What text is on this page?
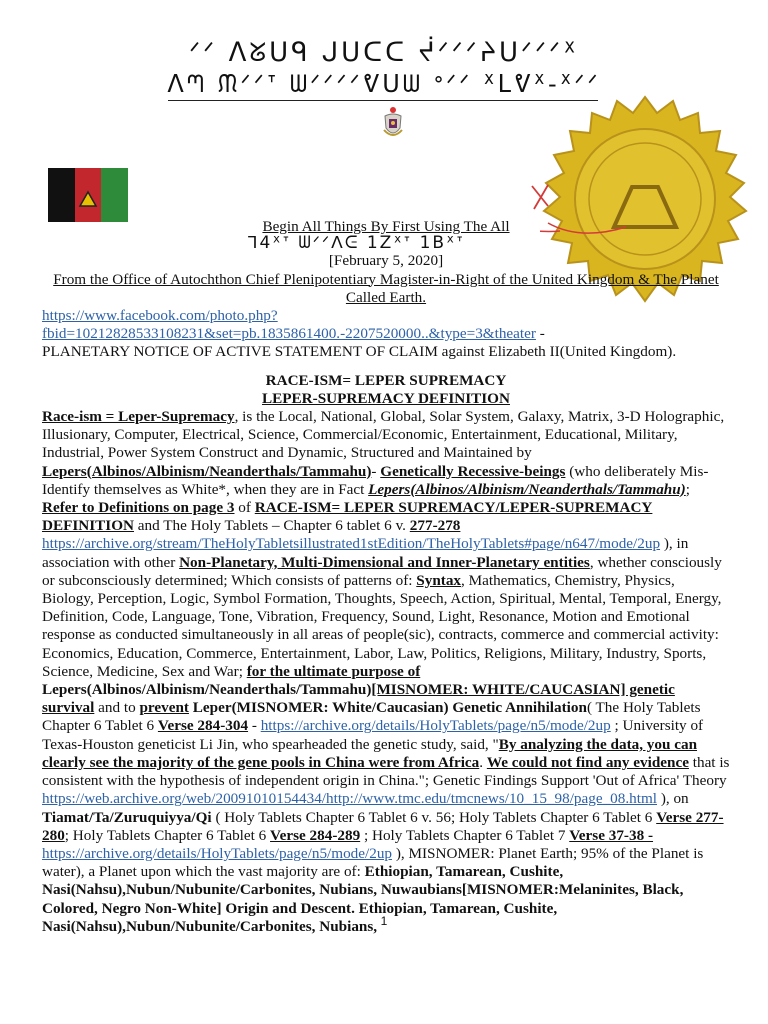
ᐟᐟ ᐱᘜᑌᑫ ᒍᑌᑕᑕ ᔫᐟᐟᐟᔨᑌᐟᐟᐟᕽ
ᐱᘉ ᙏᐟᐟᐪ ᗯᐟᐟᐟᐟᕓᑌᗯ ᐤᐟᐟ ᕽᒪᕓᕽ-ᕽᐟᐟ

Begin All Things By First Using The All

ᒣ4ᕽᐪ ᗯᐟᐟᐱᕮ 1Zᕽᐪ 1Bᕽᐪ

[February 5, 2020]

From the Office of Autochthon Chief Plenipotentiary Magister-in-Right of the United Kingdom & The Planet Called Earth.

https://www.facebook.com/photo.php?fbid=10212828533108231&set=pb.1835861400.-2207520000..&type=3&theater -

PLANETARY NOTICE OF ACTIVE STATEMENT OF CLAIM against Elizabeth II(United Kingdom).

RACE-ISM= LEPER SUPREMACY

LEPER-SUPREMACY DEFINITION

Race-ism = Leper-Supremacy, is the Local, National, Global, Solar System, Galaxy, Matrix, 3-D Holographic, Illusionary, Computer, Electrical, Science, Commercial/Economic, Entertainment, Educational, Military, Industrial, Power System Construct and Dynamic, Structured and Maintained by Lepers(Albinos/Albinism/Neanderthals/Tammahu)- Genetically Recessive-beings (who deliberately Mis-Identify themselves as White*, when they are in Fact Lepers(Albinos/Albinism/Neanderthals/Tammahu); Refer to Definitions on page 3 of RACE-ISM= LEPER SUPREMACY/LEPER-SUPREMACY DEFINITION and The Holy Tablets – Chapter 6 tablet 6 v. 277-278 https://archive.org/stream/TheHolyTabletsillustrated1stEdition/TheHolyTablets#page/n647/mode/2up ), in association with other Non-Planetary, Multi-Dimensional and Inner-Planetary entities, whether consciously or subconsciously determined; Which consists of patterns of: Syntax, Mathematics, Chemistry, Physics, Biology, Perception, Logic, Symbol Formation, Thoughts, Speech, Action, Spiritual, Mental, Temporal, Energy, Definition, Code, Language, Tone, Vibration, Frequency, Sound, Light, Resonance, Motion and Emotional response as conducted simultaneously in all areas of people(sic), contracts, commerce and commercial activity: Economics, Education, Commerce, Entertainment, Labor, Law, Politics, Religions, Military, Industry, Sports, Science, Medicine, Sex and War; for the ultimate purpose of Lepers(Albinos/Albinism/Neanderthals/Tammahu)[MISNOMER: WHITE/CAUCASIAN] genetic survival and to prevent Leper(MISNOMER: White/Caucasian) Genetic Annihilation( The Holy Tablets Chapter 6 Tablet 6 Verse 284-304 - https://archive.org/details/HolyTablets/page/n5/mode/2up ; University of Texas-Houston geneticist Li Jin, who spearheaded the genetic study, said, "By analyzing the data, you can clearly see the majority of the gene pools in China were from Africa. We could not find any evidence that is consistent with the hypothesis of independent origin in China."; Genetic Findings Support 'Out of Africa' Theory https://web.archive.org/web/20091010154434/http://www.tmc.edu/tmcnews/10_15_98/page_08.html ), on Tiamat/Ta/Zuruquiyya/Qi ( Holy Tablets Chapter 6 Tablet 6 v. 56; Holy Tablets Chapter 6 Tablet 6 Verse 277-280; Holy Tablets Chapter 6 Tablet 6 Verse 284-289 ; Holy Tablets Chapter 6 Tablet 7 Verse 37-38 - https://archive.org/details/HolyTablets/page/n5/mode/2up ), MISNOMER: Planet Earth; 95% of the Planet is water), a Planet upon which the vast majority are of: Ethiopian, Tamarean, Cushite, Nasi(Nahsu),Nubun/Nubunite/Carbonites, Nubians, Nuwaubians[MISNOMER:Melaninites, Black, Colored, Negro Non-White] Origin and Descent. Ethiopian, Tamarean, Cushite, Nasi(Nahsu),Nubun/Nubunite/Carbonites, Nubians, 1
